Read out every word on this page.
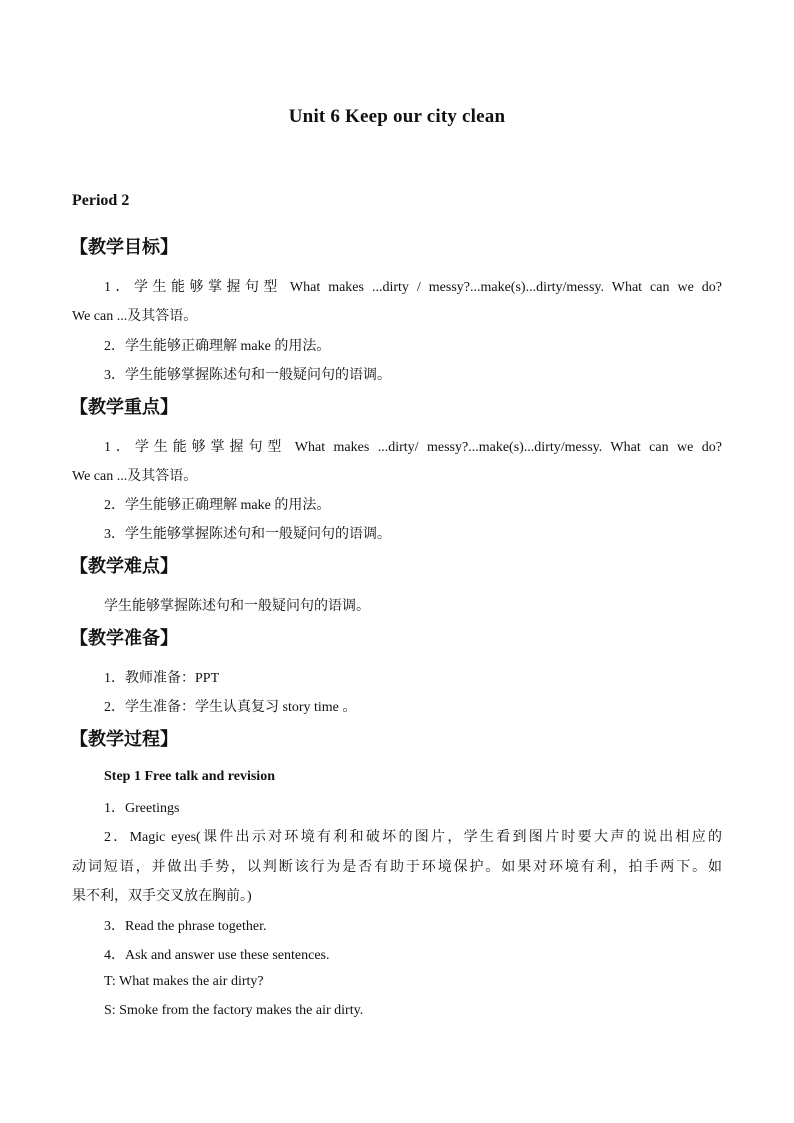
Unit 6 Keep our city clean
Period 2
【教学目标】
1．学生能够掌握句型 What makes ...dirty / messy?...make(s)...dirty/messy. What can we do?
We can ...及其答语。
2．学生能够正确理解 make 的用法。
3．学生能够掌握陈述句和一般疑问句的语调。
【教学重点】
1．学生能够掌握句型 What makes ...dirty/ messy?...make(s)...dirty/messy. What can we do?
We can ...及其答语。
2．学生能够正确理解 make 的用法。
3．学生能够掌握陈述句和一般疑问句的语调。
【教学难点】
学生能够掌握陈述句和一般疑问句的语调。
【教学准备】
1．教师准备：PPT
2．学生准备：学生认真复习 story time 。
【教学过程】
Step 1 Free talk and revision
1．Greetings
2．Magic eyes(课件出示对环境有利和破坏的图片，学生看到图片时要大声的说出相应的
动词短语，并做出手势，以判断该行为是否有助于环境保护。如果对环境有利，拍手两下。如
果不利，双手交叉放在胸前。)
3．Read the phrase together.
4．Ask and answer use these sentences.
T: What makes the air dirty?
S: Smoke from the factory makes the air dirty.
